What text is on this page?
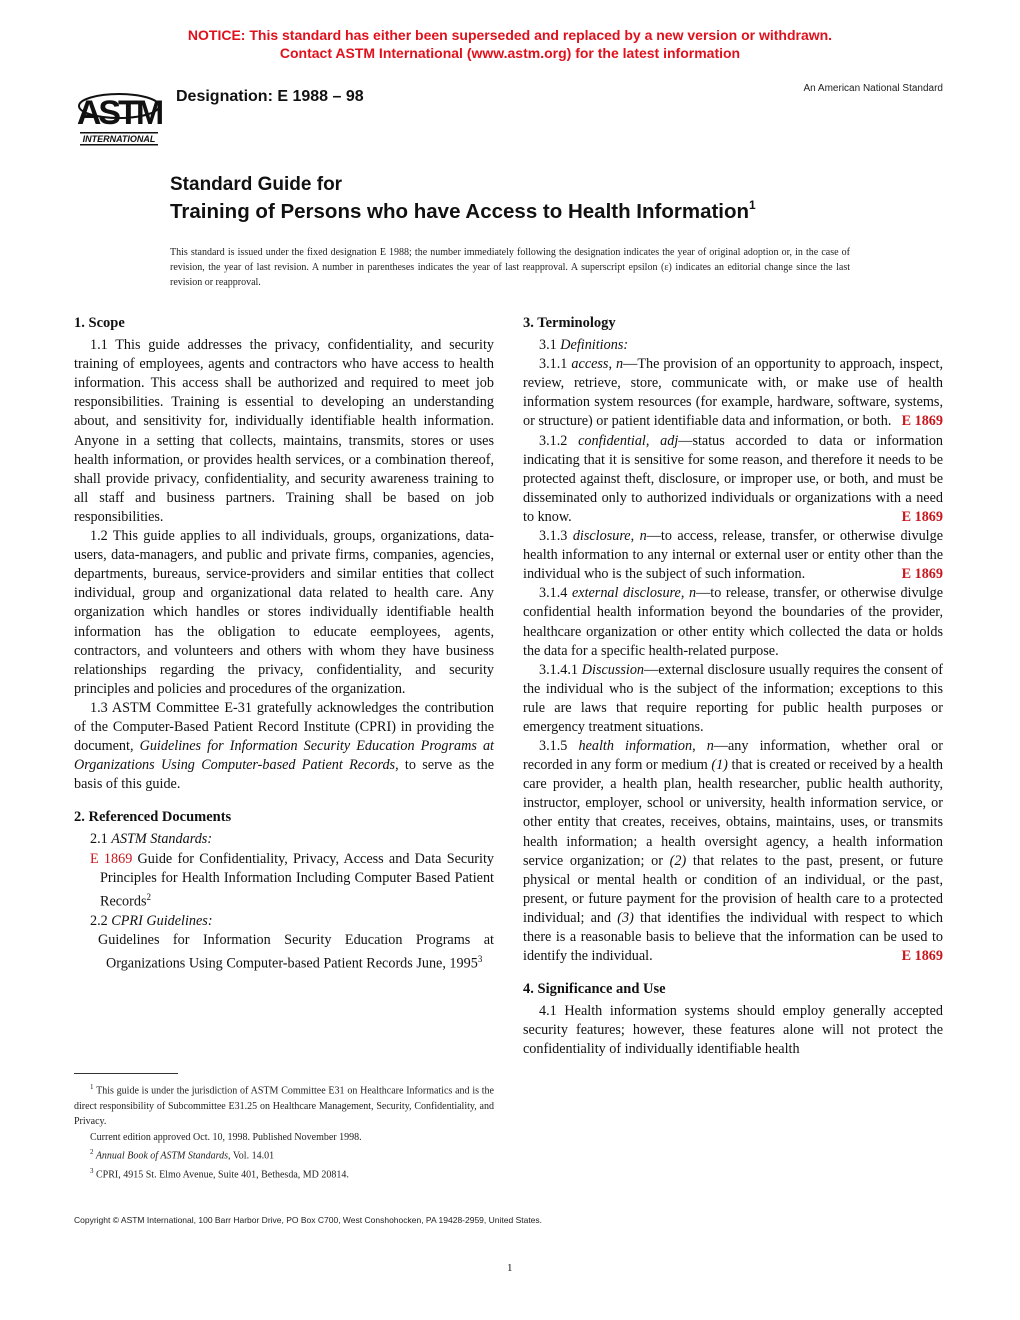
NOTICE: This standard has either been superseded and replaced by a new version or withdrawn.
Contact ASTM International (www.astm.org) for the latest information
ASTM
INTERNATIONAL
Designation: E 1988 – 98	An American National Standard
Standard Guide for
Training of Persons who have Access to Health Information$^1$
This standard is issued under the fixed designation E 1988; the number immediately following the designation indicates the year of original adoption or, in the case of revision, the year of last revision. A number in parentheses indicates the year of last reapproval. A superscript epsilon (ε) indicates an editorial change since the last revision or reapproval.
1. Scope

1.1 This guide addresses the privacy, confidentiality, and security training of employees, agents and contractors who have access to health information. This access shall be authorized and required to meet job responsibilities. Training is essential to developing an understanding about, and sensitivity for, individually identifiable health information. Anyone in a setting that collects, maintains, transmits, stores or uses health information, or provides health services, or a combination thereof, shall provide privacy, confidentiality, and security awareness training to all staff and business partners. Training shall be based on job responsibilities.

1.2 This guide applies to all individuals, groups, organizations, data-users, data-managers, and public and private firms, companies, agencies, departments, bureaus, service-providers and similar entities that collect individual, group and organizational data related to health care. Any organization which handles or stores individually identifiable health information has the obligation to educate eemployees, agents, contractors, and volunteers and others with whom they have business relationships regarding the privacy, confidentiality, and security principles and policies and procedures of the organization.

1.3 ASTM Committee E-31 gratefully acknowledges the contribution of the Computer-Based Patient Record Institute (CPRI) in providing the document, Guidelines for Information Security Education Programs at Organizations Using Computer-based Patient Records, to serve as the basis of this guide.

2. Referenced Documents

2.1 ASTM Standards:

E 1869 Guide for Confidentiality, Privacy, Access and Data Security Principles for Health Information Including Computer Based Patient Records$^2$

2.2 CPRI Guidelines:

Guidelines for Information Security Education Programs at Organizations Using Computer-based Patient Records June, 1995$^3$

3. Terminology

3.1 Definitions:

3.1.1 access, n—The provision of an opportunity to approach, inspect, review, retrieve, store, communicate with, or make use of health information system resources (for example, hardware, software, systems, or structure) or patient identifiable data and information, or both. E 1869

3.1.2 confidential, adj—status accorded to data or information indicating that it is sensitive for some reason, and therefore it needs to be protected against theft, disclosure, or improper use, or both, and must be disseminated only to authorized individuals or organizations with a need to know.	E 1869

3.1.3 disclosure, n—to access, release, transfer, or otherwise divulge health information to any internal or external user or entity other than the individual who is the subject of such information.	E 1869

3.1.4 external disclosure, n—to release, transfer, or otherwise divulge confidential health information beyond the boundaries of the provider, healthcare organization or other entity which collected the data or holds the data for a specific health-related purpose.

3.1.4.1 Discussion—external disclosure usually requires the consent of the individual who is the subject of the information; exceptions to this rule are laws that require reporting for public health purposes or emergency treatment situations.

3.1.5 health information, n—any information, whether oral or recorded in any form or medium (1) that is created or received by a health care provider, a health plan, health researcher, public health authority, instructor, employer, school or university, health information service, or other entity that creates, receives, obtains, maintains, uses, or transmits health information; a health oversight agency, a health information service organization; or (2) that relates to the past, present, or future physical or mental health or condition of an individual, or the past, present, or future payment for the provision of health care to a protected individual; and (3) that identifies the individual with respect to which there is a reasonable basis to believe that the information can be used to identify the individual.	E 1869

4. Significance and Use

4.1 Health information systems should employ generally accepted security features; however, these features alone will not protect the confidentiality of individually identifiable health

$^1$ This guide is under the jurisdiction of ASTM Committee E31 on Healthcare Informatics and is the direct responsibility of Subcommittee E31.25 on Healthcare Management, Security, Confidentiality, and Privacy.

Current edition approved Oct. 10, 1998. Published November 1998.

$^2$ Annual Book of ASTM Standards, Vol. 14.01

$^3$ CPRI, 4915 St. Elmo Avenue, Suite 401, Bethesda, MD 20814.

Copyright © ASTM International, 100 Barr Harbor Drive, PO Box C700, West Conshohocken, PA 19428-2959, United States.
1
